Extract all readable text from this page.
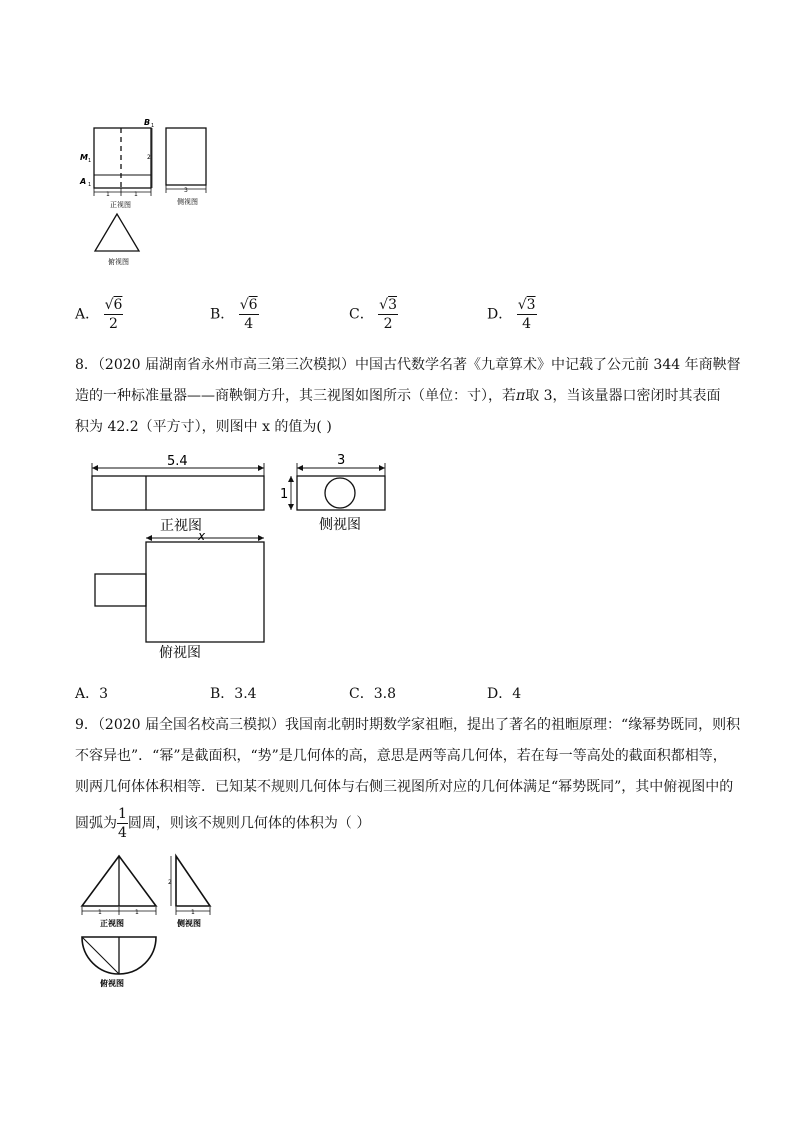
1	1
2
B 1
M 1
A 1
3
正视图	侧视图
俯视图
A． $\frac{√6}{2}$	B． $\frac{√6}{4}$	C． $\frac{√3}{2}$	D． $\frac{√3}{4}$
8．（2020 届湖南省永州市高三第三次模拟）中国古代数学名著《九章算术》中记载了公元前 344 年商鞅督
造的一种标准量器——商鞅铜方升，其三视图如图所示（单位：寸），若π取 3，当该量器口密闭时其表面
积为 42.2（平方寸），则图中 x 的值为( )
5.4
正视图
3
1
侧视图
x
俯视图
A．3	B．3.4	C．3.8	D．4
9．（2020 届全国名校高三模拟）我国南北朝时期数学家祖暅，提出了著名的祖暅原理：“缘幂势既同，则积
不容异也”．“幂”是截面积，“势”是几何体的高，意思是两等高几何体，若在每一等高处的截面积都相等，
则两几何体体积相等．已知某不规则几何体与右侧三视图所对应的几何体满足“幂势既同”，其中俯视图中的
圆弧为 $\frac{1}{4}$ 圆周，则该不规则几何体的体积为（ ）
1	1
正视图
2
1
侧视图
俯视图
